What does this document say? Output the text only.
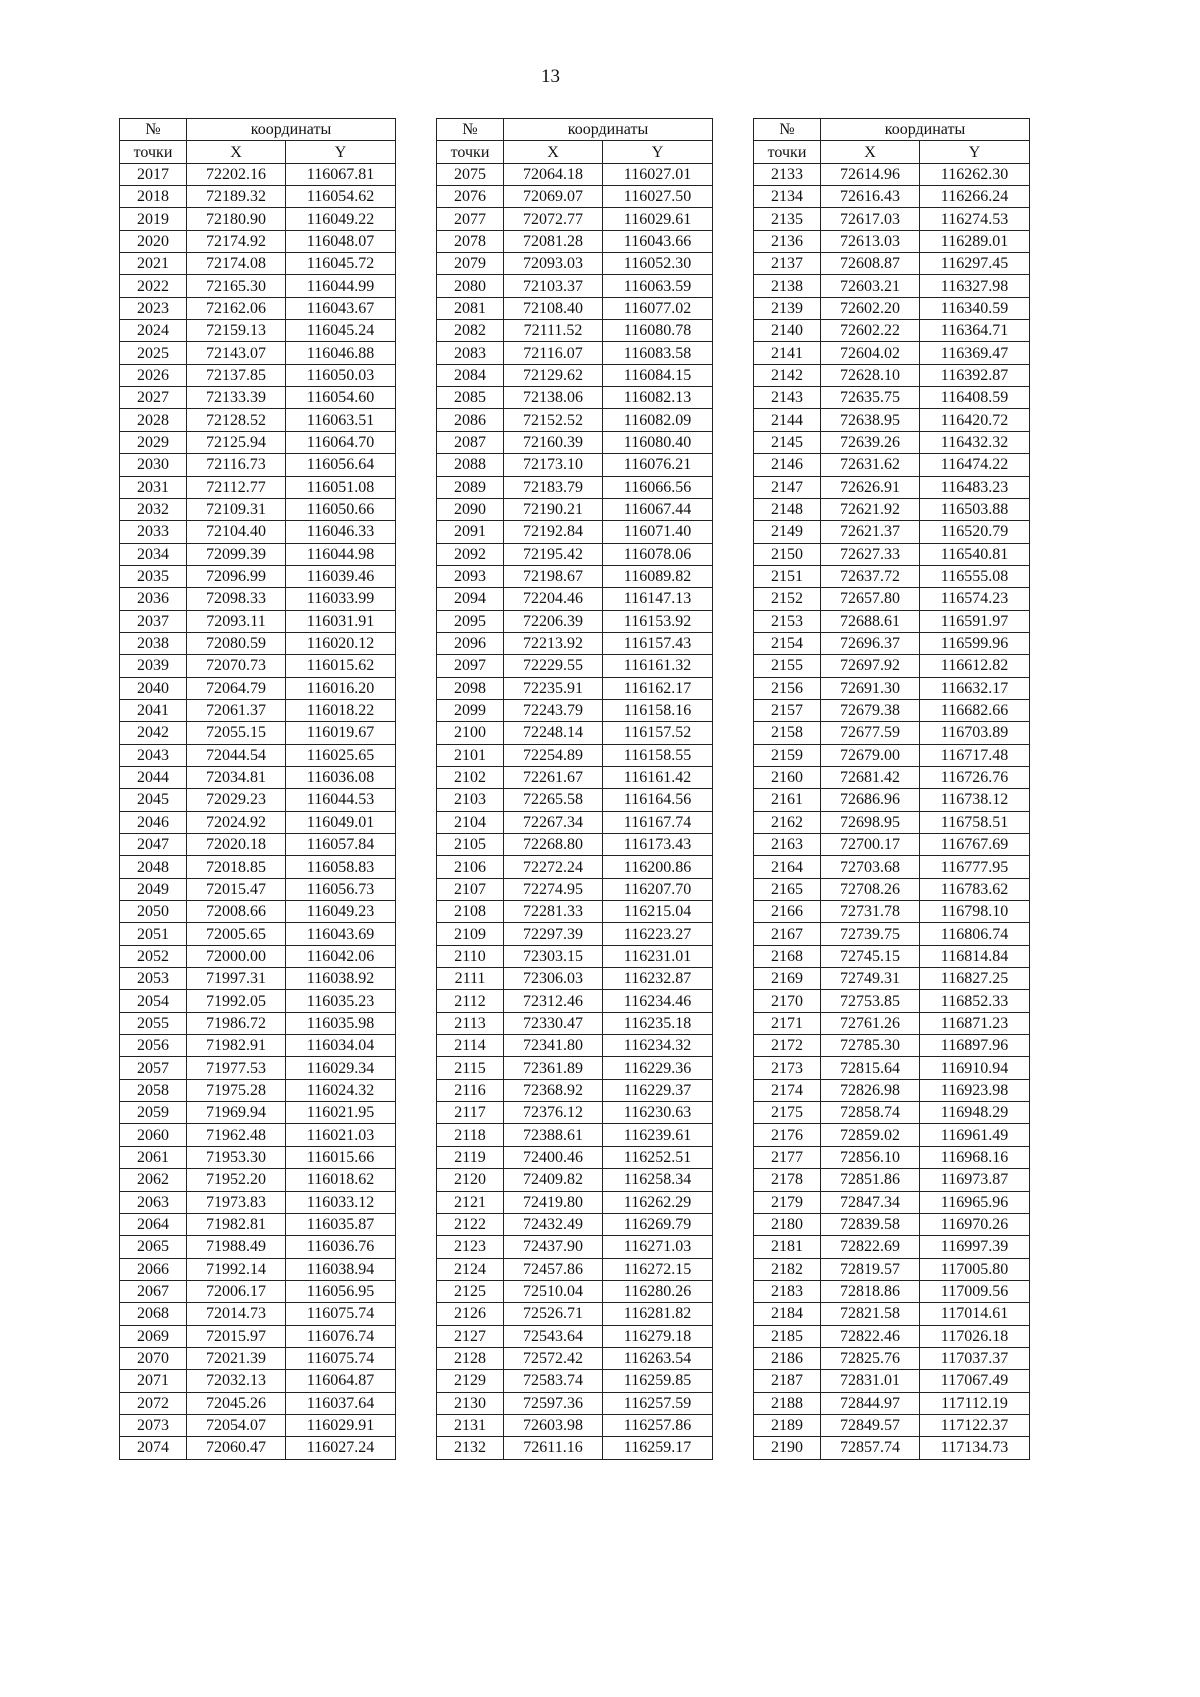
13
№	координаты	
точки	X	Y
2017	72202.16	116067.81
2018	72189.32	116054.62
2019	72180.90	116049.22
2020	72174.92	116048.07
2021	72174.08	116045.72
2022	72165.30	116044.99
2023	72162.06	116043.67
2024	72159.13	116045.24
2025	72143.07	116046.88
2026	72137.85	116050.03
2027	72133.39	116054.60
2028	72128.52	116063.51
2029	72125.94	116064.70
2030	72116.73	116056.64
2031	72112.77	116051.08
2032	72109.31	116050.66
2033	72104.40	116046.33
2034	72099.39	116044.98
2035	72096.99	116039.46
2036	72098.33	116033.99
2037	72093.11	116031.91
2038	72080.59	116020.12
2039	72070.73	116015.62
2040	72064.79	116016.20
2041	72061.37	116018.22
2042	72055.15	116019.67
2043	72044.54	116025.65
2044	72034.81	116036.08
2045	72029.23	116044.53
2046	72024.92	116049.01
2047	72020.18	116057.84
2048	72018.85	116058.83
2049	72015.47	116056.73
2050	72008.66	116049.23
2051	72005.65	116043.69
2052	72000.00	116042.06
2053	71997.31	116038.92
2054	71992.05	116035.23
2055	71986.72	116035.98
2056	71982.91	116034.04
2057	71977.53	116029.34
2058	71975.28	116024.32
2059	71969.94	116021.95
2060	71962.48	116021.03
2061	71953.30	116015.66
2062	71952.20	116018.62
2063	71973.83	116033.12
2064	71982.81	116035.87
2065	71988.49	116036.76
2066	71992.14	116038.94
2067	72006.17	116056.95
2068	72014.73	116075.74
2069	72015.97	116076.74
2070	72021.39	116075.74
2071	72032.13	116064.87
2072	72045.26	116037.64
2073	72054.07	116029.91
2074	72060.47	116027.24
№	координаты	
точки	X	Y
2075	72064.18	116027.01
2076	72069.07	116027.50
2077	72072.77	116029.61
2078	72081.28	116043.66
2079	72093.03	116052.30
2080	72103.37	116063.59
2081	72108.40	116077.02
2082	72111.52	116080.78
2083	72116.07	116083.58
2084	72129.62	116084.15
2085	72138.06	116082.13
2086	72152.52	116082.09
2087	72160.39	116080.40
2088	72173.10	116076.21
2089	72183.79	116066.56
2090	72190.21	116067.44
2091	72192.84	116071.40
2092	72195.42	116078.06
2093	72198.67	116089.82
2094	72204.46	116147.13
2095	72206.39	116153.92
2096	72213.92	116157.43
2097	72229.55	116161.32
2098	72235.91	116162.17
2099	72243.79	116158.16
2100	72248.14	116157.52
2101	72254.89	116158.55
2102	72261.67	116161.42
2103	72265.58	116164.56
2104	72267.34	116167.74
2105	72268.80	116173.43
2106	72272.24	116200.86
2107	72274.95	116207.70
2108	72281.33	116215.04
2109	72297.39	116223.27
2110	72303.15	116231.01
2111	72306.03	116232.87
2112	72312.46	116234.46
2113	72330.47	116235.18
2114	72341.80	116234.32
2115	72361.89	116229.36
2116	72368.92	116229.37
2117	72376.12	116230.63
2118	72388.61	116239.61
2119	72400.46	116252.51
2120	72409.82	116258.34
2121	72419.80	116262.29
2122	72432.49	116269.79
2123	72437.90	116271.03
2124	72457.86	116272.15
2125	72510.04	116280.26
2126	72526.71	116281.82
2127	72543.64	116279.18
2128	72572.42	116263.54
2129	72583.74	116259.85
2130	72597.36	116257.59
2131	72603.98	116257.86
2132	72611.16	116259.17
№	координаты	
точки	X	Y
2133	72614.96	116262.30
2134	72616.43	116266.24
2135	72617.03	116274.53
2136	72613.03	116289.01
2137	72608.87	116297.45
2138	72603.21	116327.98
2139	72602.20	116340.59
2140	72602.22	116364.71
2141	72604.02	116369.47
2142	72628.10	116392.87
2143	72635.75	116408.59
2144	72638.95	116420.72
2145	72639.26	116432.32
2146	72631.62	116474.22
2147	72626.91	116483.23
2148	72621.92	116503.88
2149	72621.37	116520.79
2150	72627.33	116540.81
2151	72637.72	116555.08
2152	72657.80	116574.23
2153	72688.61	116591.97
2154	72696.37	116599.96
2155	72697.92	116612.82
2156	72691.30	116632.17
2157	72679.38	116682.66
2158	72677.59	116703.89
2159	72679.00	116717.48
2160	72681.42	116726.76
2161	72686.96	116738.12
2162	72698.95	116758.51
2163	72700.17	116767.69
2164	72703.68	116777.95
2165	72708.26	116783.62
2166	72731.78	116798.10
2167	72739.75	116806.74
2168	72745.15	116814.84
2169	72749.31	116827.25
2170	72753.85	116852.33
2171	72761.26	116871.23
2172	72785.30	116897.96
2173	72815.64	116910.94
2174	72826.98	116923.98
2175	72858.74	116948.29
2176	72859.02	116961.49
2177	72856.10	116968.16
2178	72851.86	116973.87
2179	72847.34	116965.96
2180	72839.58	116970.26
2181	72822.69	116997.39
2182	72819.57	117005.80
2183	72818.86	117009.56
2184	72821.58	117014.61
2185	72822.46	117026.18
2186	72825.76	117037.37
2187	72831.01	117067.49
2188	72844.97	117112.19
2189	72849.57	117122.37
2190	72857.74	117134.73
